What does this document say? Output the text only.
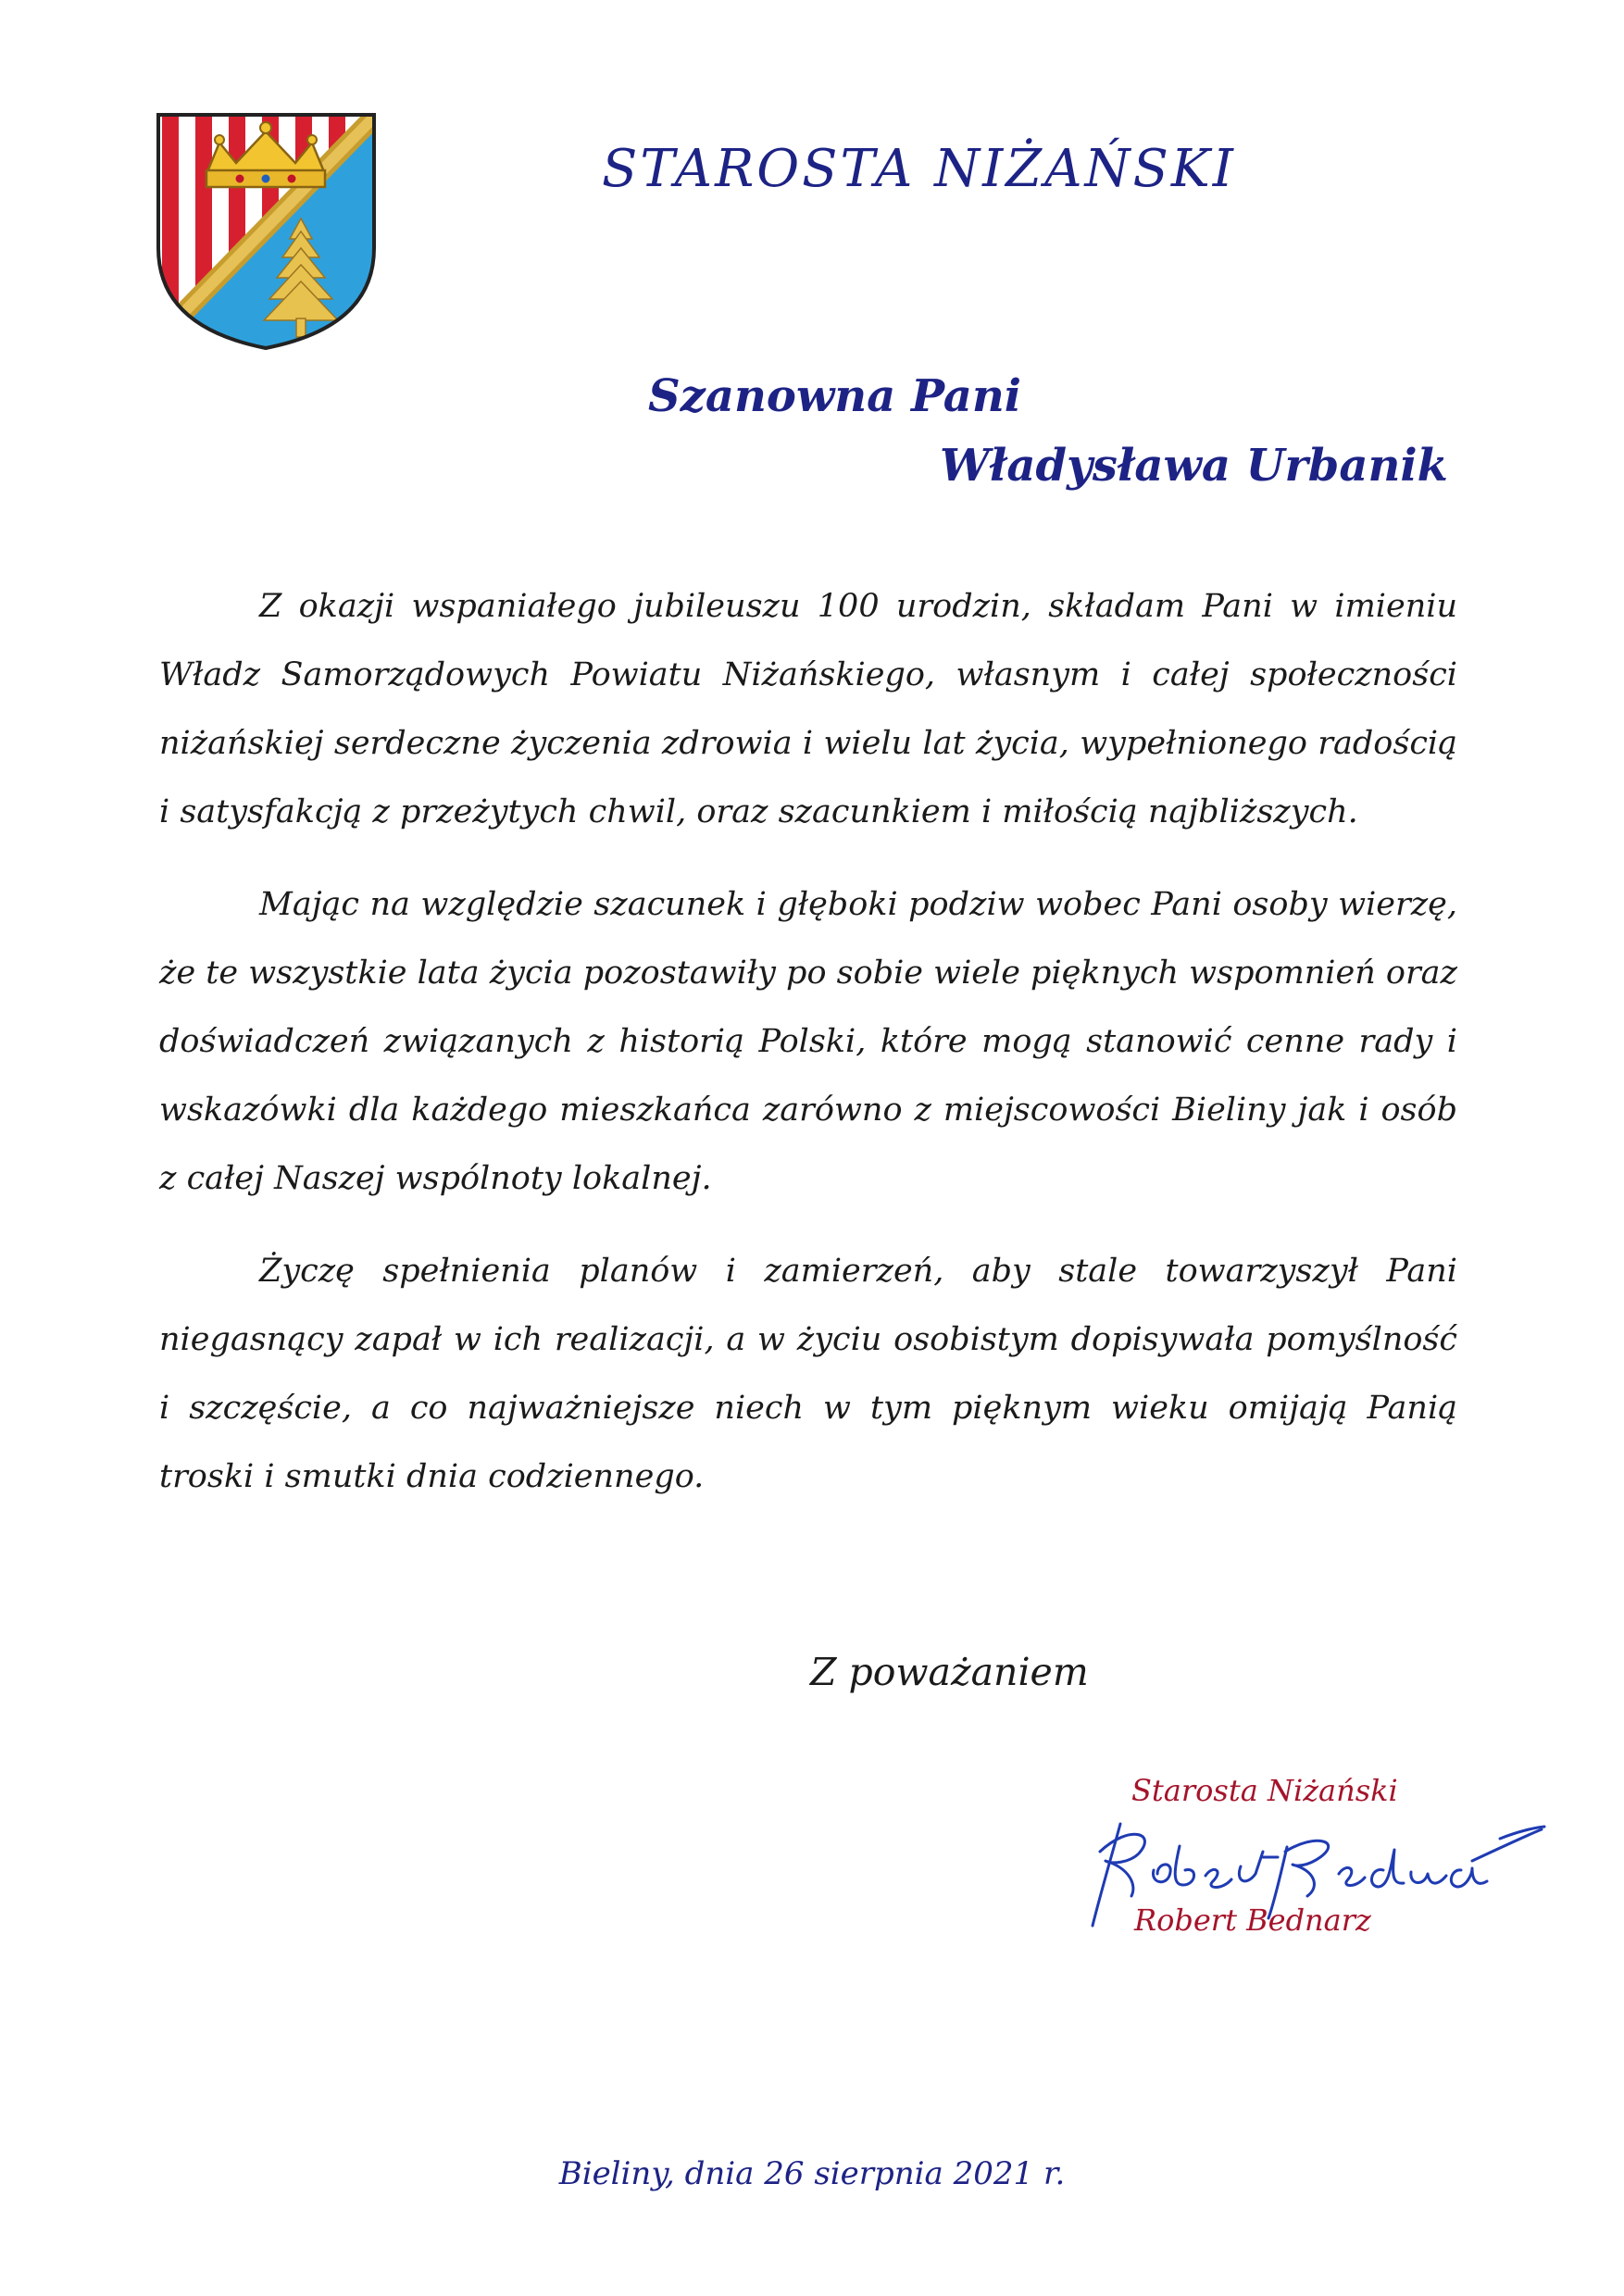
STAROSTA NIŻAŃSKI
Szanowna Pani
Władysława Urbanik

Z okazji wspaniałego jubileuszu 100 urodzin, składam Pani w imieniu Władz Samorządowych Powiatu Niżańskiego, własnym i całej społeczności niżańskiej serdeczne życzenia zdrowia i wielu lat życia, wypełnionego radością i satysfakcją z przeżytych chwil, oraz szacunkiem i miłością najbliższych.

Mając na względzie szacunek i głęboki podziw wobec Pani osoby wierzę, że te wszystkie lata życia pozostawiły po sobie wiele pięknych wspomnień oraz doświadczeń związanych z historią Polski, które mogą stanowić cenne rady i wskazówki dla każdego mieszkańca zarówno z miejscowości Bieliny jak i osób z całej Naszej wspólnoty lokalnej.

Życzę spełnienia planów i zamierzeń, aby stale towarzyszył Pani niegasnący zapał w ich realizacji, a w życiu osobistym dopisywała pomyślność i szczęście, a co najważniejsze niech w tym pięknym wieku omijają Panią troski i smutki dnia codziennego.

Z poważaniem
Starosta Niżański
Robert Bednarz
Bieliny, dnia 26 sierpnia 2021 r.
